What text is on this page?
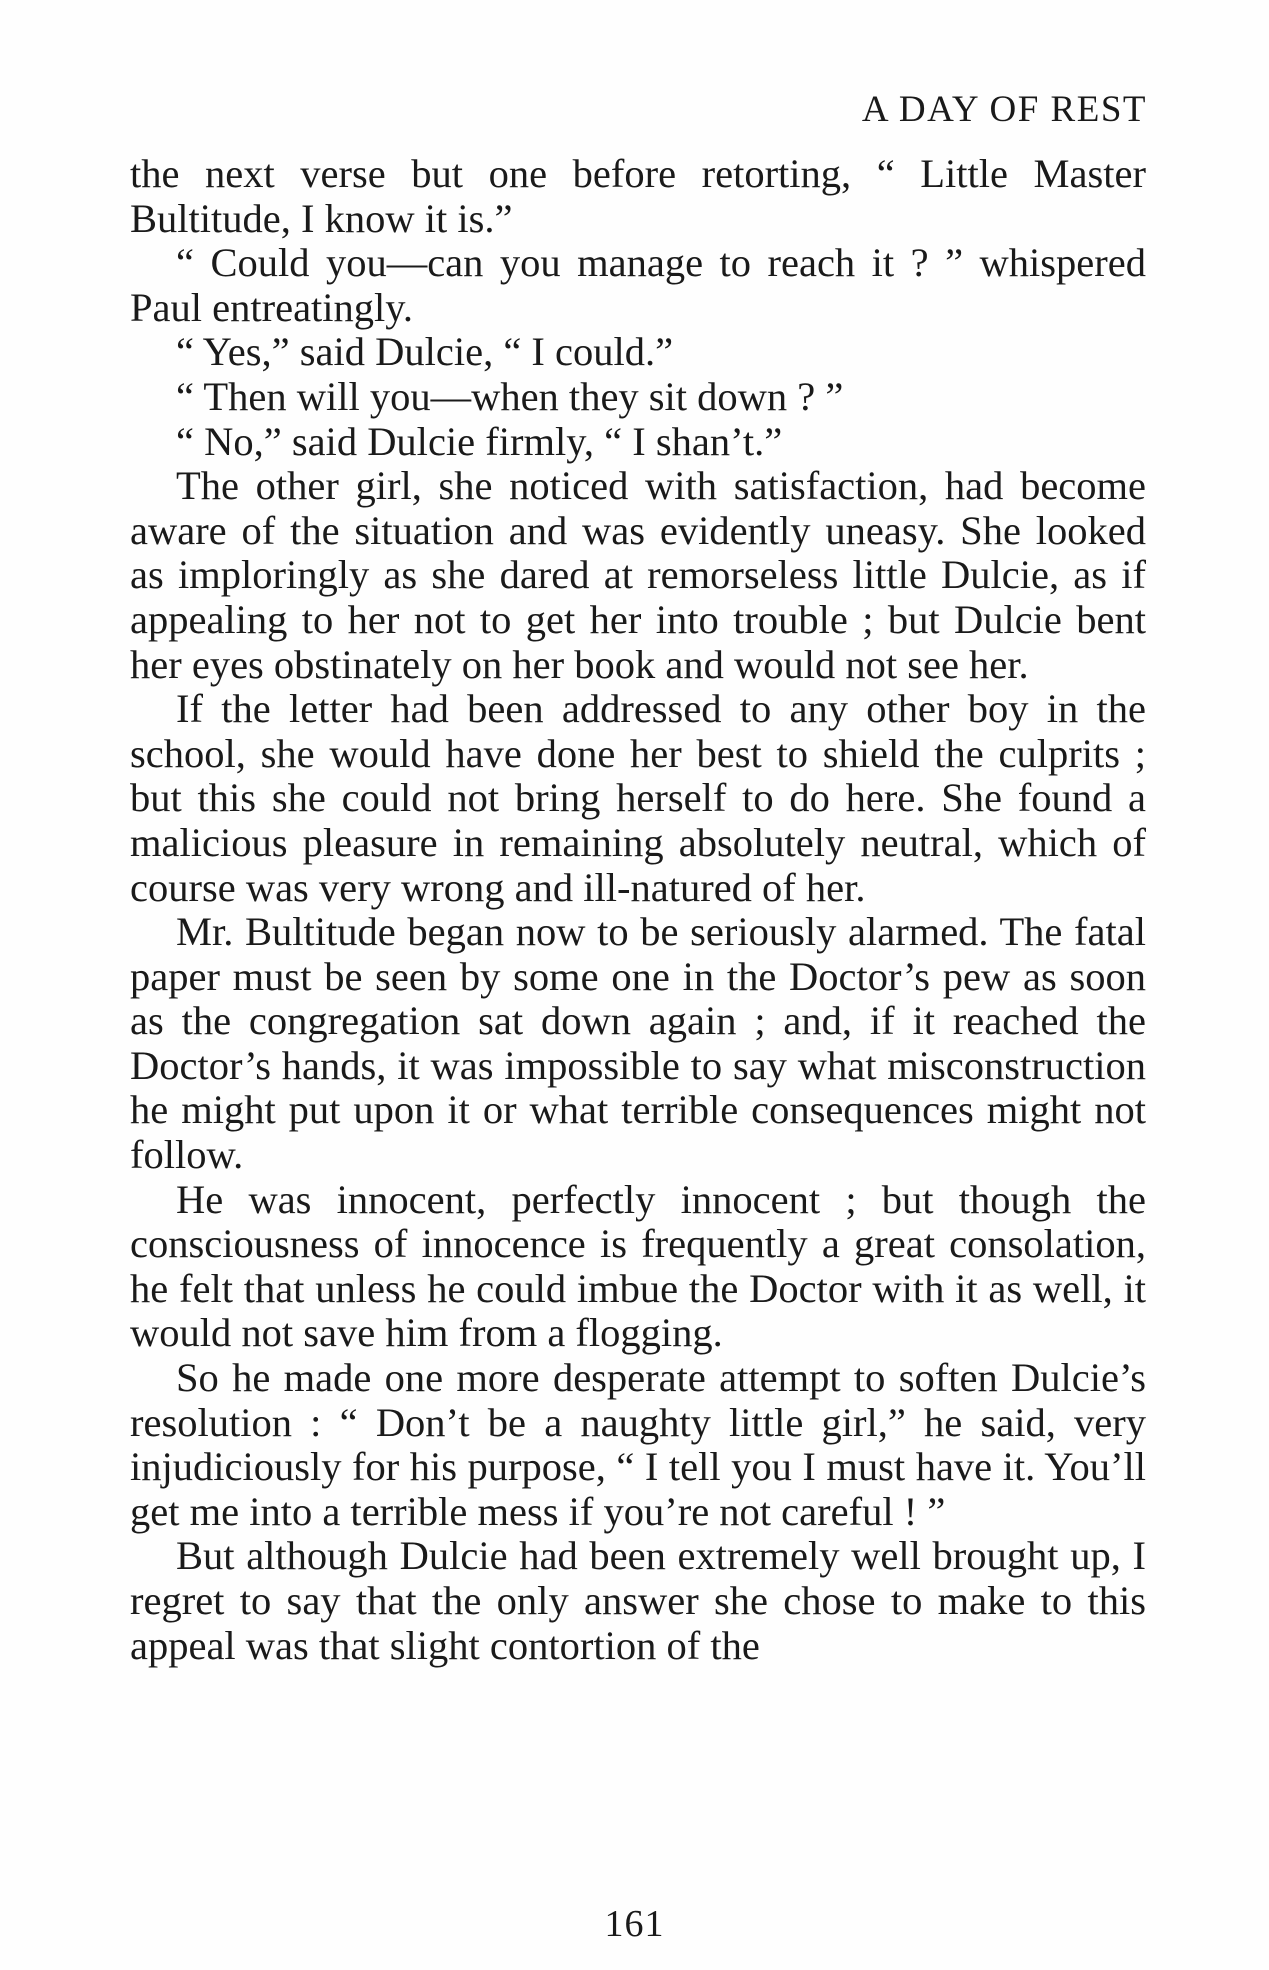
A DAY OF REST

the next verse but one before retorting, “ Little Master Bultitude, I know it is.”

“ Could you—can you manage to reach it ? ” whispered Paul entreatingly.

“ Yes,” said Dulcie, “ I could.”

“ Then will you—when they sit down ? ”

“ No,” said Dulcie firmly, “ I shan’t.”

The other girl, she noticed with satisfaction, had become aware of the situation and was evidently uneasy. She looked as imploringly as she dared at remorseless little Dulcie, as if appealing to her not to get her into trouble ; but Dulcie bent her eyes obstinately on her book and would not see her.

If the letter had been addressed to any other boy in the school, she would have done her best to shield the culprits ; but this she could not bring herself to do here. She found a malicious pleasure in remaining absolutely neutral, which of course was very wrong and ill-natured of her.

Mr. Bultitude began now to be seriously alarmed. The fatal paper must be seen by some one in the Doctor’s pew as soon as the congregation sat down again ; and, if it reached the Doctor’s hands, it was impossible to say what misconstruction he might put upon it or what terrible consequences might not follow.

He was innocent, perfectly innocent ; but though the consciousness of innocence is frequently a great consolation, he felt that unless he could imbue the Doctor with it as well, it would not save him from a flogging.

So he made one more desperate attempt to soften Dulcie’s resolution : “ Don’t be a naughty little girl,” he said, very injudiciously for his purpose, “ I tell you I must have it. You’ll get me into a terrible mess if you’re not careful ! ”

But although Dulcie had been extremely well brought up, I regret to say that the only answer she chose to make to this appeal was that slight contortion of the

161
